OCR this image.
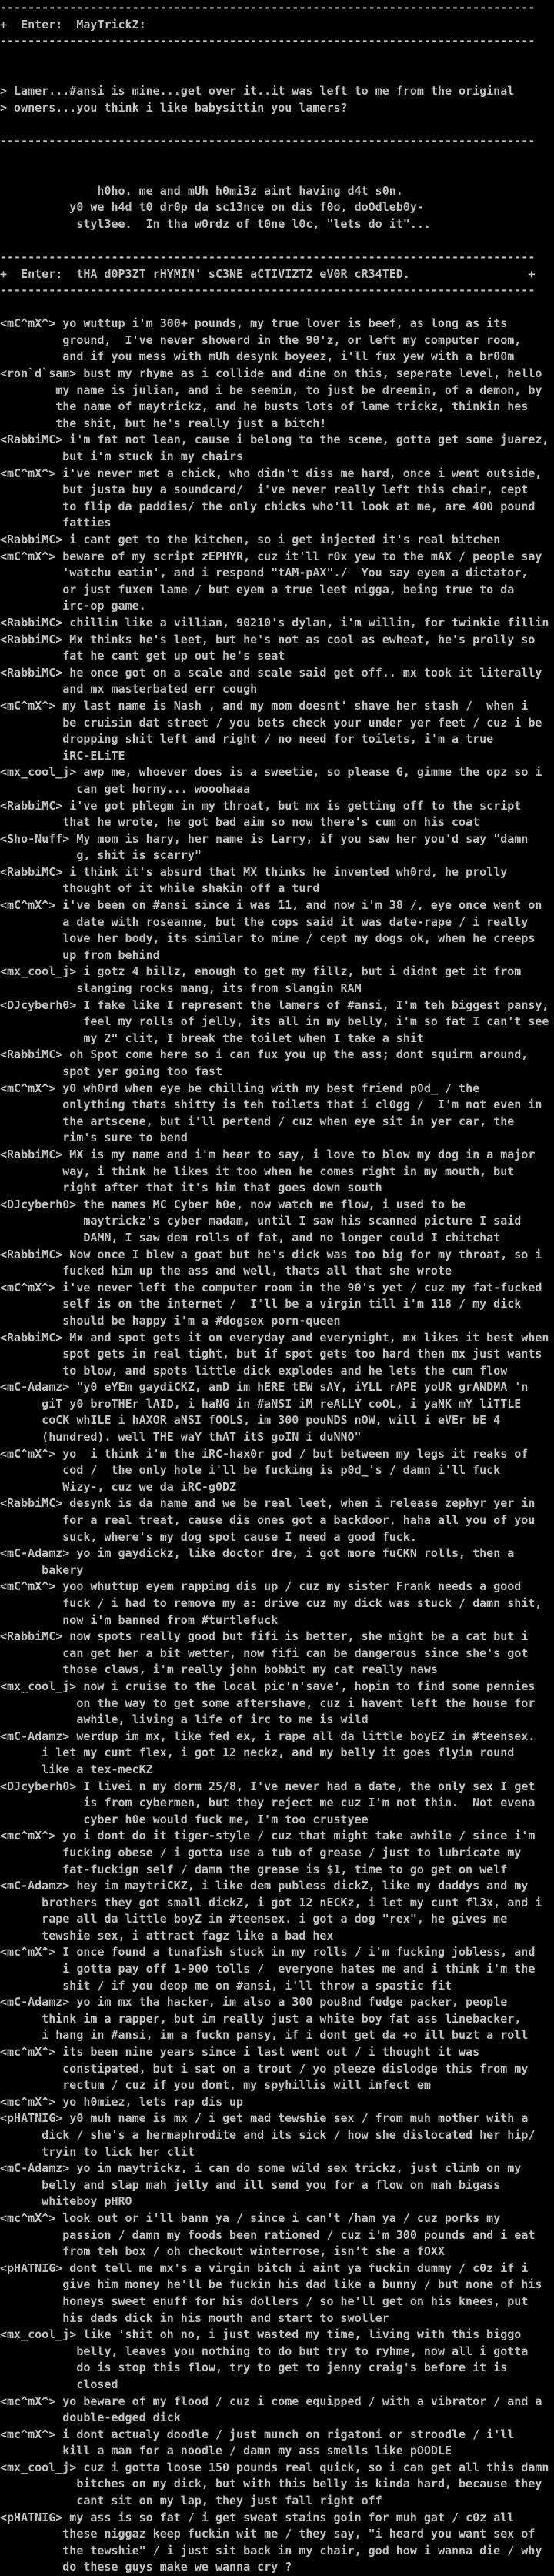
-----------------------------------------------------------------------------
+  Enter:  MayTrickZ:
-----------------------------------------------------------------------------
> Lamer...#ansi is mine...get over it..it was left to me from the original
> owners...you think i like babysittin you lamers?
-----------------------------------------------------------------------------
h0ho. me and mUh h0mi3z aint having d4t s0n.
y0 we h4d t0 dr0p da sc13nce on dis f0o, doOdleb0y-
styl3ee.  In tha w0rdz of t0ne l0c, "lets do it"...
-----------------------------------------------------------------------------
+  Enter:  tHA d0P3ZT rHYMIN' sC3NE aCTIVIZTZ eV0R cR34TED.                 +
-----------------------------------------------------------------------------
<mC^mX^> yo wuttup i'm 300+ pounds, my true lover is beef, as long as its
ground,  I've never showerd in the 90'z, or left my computer room,
and if you mess with mUh desynk boyeez, i'll fux yew with a br00m
<ron`d`sam> bust my rhyme as i collide and dine on this, seperate level, hello
my name is julian, and i be seemin, to just be dreemin, of a demon, by
the name of maytrickz, and he busts lots of lame trickz, thinkin hes
the shit, but he's really just a bitch!
<RabbiMC> i'm fat not lean, cause i belong to the scene, gotta get some juarez,
but i'm stuck in my chairs
<mC^mX^> i've never met a chick, who didn't diss me hard, once i went outside,
but justa buy a soundcard/  i've never really left this chair, cept
to flip da paddies/ the only chicks who'll look at me, are 400 pound
fatties
<RabbiMC> i cant get to the kitchen, so i get injected it's real bitchen
<mC^mX^> beware of my script zEPHYR, cuz it'll r0x yew to the mAX / people say
'watchu eatin', and i respond "tAM-pAX"./  You say eyem a dictator,
or just fuxen lame / but eyem a true leet nigga, being true to da
irc-op game.
<RabbiMC> chillin like a villian, 90210's dylan, i'm willin, for twinkie fillin
<RabbiMC> Mx thinks he's leet, but he's not as cool as ewheat, he's prolly so
fat he cant get up out he's seat
<RabbiMC> he once got on a scale and scale said get off.. mx took it literally
and mx masterbated err cough
<mC^mX^> my last name is Nash , and my mom doesnt' shave her stash /  when i
be cruisin dat street / you bets check your under yer feet / cuz i be
dropping shit left and right / no need for toilets, i'm a true
iRC-ELiTE
<mx_cool_j> awp me, whoever does is a sweetie, so please G, gimme the opz so i
can get horny... wooohaaa
<RabbiMC> i've got phlegm in my throat, but mx is getting off to the script
that he wrote, he got bad aim so now there's cum on his coat
<Sho-Nuff> My mom is hary, her name is Larry, if you saw her you'd say "damn
g, shit is scarry"
<RabbiMC> i think it's absurd that MX thinks he invented wh0rd, he prolly
thought of it while shakin off a turd
<mC^mX^> i've been on #ansi since i was 11, and now i'm 38 /, eye once went on
a date with roseanne, but the cops said it was date-rape / i really
love her body, its similar to mine / cept my dogs ok, when he creeps
up from behind
<mx_cool_j> i gotz 4 billz, enough to get my fillz, but i didnt get it from
slanging rocks mang, its from slangin RAM
<DJcyberh0> I fake like I represent the lamers of #ansi, I'm teh biggest pansy,
feel my rolls of jelly, its all in my belly, i'm so fat I can't see
my 2" clit, I break the toilet when I take a shit
<RabbiMC> oh Spot come here so i can fux you up the ass; dont squirm around,
spot yer going too fast
<mC^mX^> y0 wh0rd when eye be chilling with my best friend p0d_ / the
onlything thats shitty is teh toilets that i cl0gg /  I'm not even in
the artscene, but i'll pertend / cuz when eye sit in yer car, the
rim's sure to bend
<RabbiMC> MX is my name and i'm hear to say, i love to blow my dog in a major
way, i think he likes it too when he comes right in my mouth, but
right after that it's him that goes down south
<DJcyberh0> the names MC Cyber h0e, now watch me flow, i used to be
maytrickz's cyber madam, until I saw his scanned picture I said
DAMN, I saw dem rolls of fat, and no longer could I chitchat
<RabbiMC> Now once I blew a goat but he's dick was too big for my throat, so i
fucked him up the ass and well, thats all that she wrote
<mC^mX^> i've never left the computer room in the 90's yet / cuz my fat-fucked
self is on the internet /  I'll be a virgin till i'm 118 / my dick
should be happy i'm a #dogsex porn-queen
<RabbiMC> Mx and spot gets it on everyday and everynight, mx likes it best when
spot gets in real tight, but if spot gets too hard then mx just wants
to blow, and spots little dick explodes and he lets the cum flow
<mC-Adamz> "y0 eYEm gaydiCKZ, anD im hERE tEW sAY, iYLL rAPE yoUR grANDMA 'n
giT y0 broTHEr lAID, i haNG in #aNSI iM reALLY coOL, i yaNK mY liTTLE
coCK whILE i hAXOR aNSI fOOLS, im 300 pouNDS nOW, will i eVEr bE 4
(hundred). well THE waY thAT itS goIN i duNNO"
<mC^mX^> yo  i think i'm the iRC-hax0r god / but between my legs it reaks of
cod /  the only hole i'll be fucking is p0d_'s / damn i'll fuck
Wizy-, cuz we da iRC-g0DZ
<RabbiMC> desynk is da name and we be real leet, when i release zephyr yer in
for a real treat, cause dis ones got a backdoor, haha all you of you
suck, where's my dog spot cause I need a good fuck.
<mC-Adamz> yo im gaydickz, like doctor dre, i got more fuCKN rolls, then a
bakery
<mC^mX^> yoo whuttup eyem rapping dis up / cuz my sister Frank needs a good
fuck / i had to remove my a: drive cuz my dick was stuck / damn shit,
now i'm banned from #turtlefuck
<RabbiMC> now spots really good but fifi is better, she might be a cat but i
can get her a bit wetter, now fifi can be dangerous since she's got
those claws, i'm really john bobbit my cat really naws
<mx_cool_j> now i cruise to the local pic'n'save', hopin to find some pennies
on the way to get some aftershave, cuz i havent left the house for
awhile, living a life of irc to me is wild
<mC-Adamz> werdup im mx, like fed ex, i rape all da little boyEZ in #teensex.
i let my cunt flex, i got 12 neckz, and my belly it goes flyin round
like a tex-mecKZ
<DJcyberh0> I livei n my dorm 25/8, I've never had a date, the only sex I get
is from cybermen, but they reject me cuz I'm not thin.  Not evena
cyber h0e would fuck me, I'm too crustyee
<mc^mX^> yo i dont do it tiger-style / cuz that might take awhile / since i'm
fucking obese / i gotta use a tub of grease / just to lubricate my
fat-fuckign self / damn the grease is $1, time to go get on welf
<mC-Adamz> hey im maytriCKZ, i like dem publess dickZ, like my daddys and my
brothers they got small dickZ, i got 12 nECKz, i let my cunt fl3x, and i
rape all da little boyZ in #teensex. i got a dog "rex", he gives me
tewshie sex, i attract fagz like a bad hex
<mc^mX^> I once found a tunafish stuck in my rolls / i'm fucking jobless, and
i gotta pay off 1-900 tolls /  everyone hates me and i think i'm the
shit / if you deop me on #ansi, i'll throw a spastic fit
<mC-Adamz> yo im mx tha hacker, im also a 300 pou8nd fudge packer, people
think im a rapper, but im really just a white boy fat ass linebacker,
i hang in #ansi, im a fuckn pansy, if i dont get da +o ill buzt a roll
<mc^mX^> its been nine years since i last went out / i thought it was
constipated, but i sat on a trout / yo pleeze dislodge this from my
rectum / cuz if you dont, my spyhillis will infect em
<mc^mX^> yo h0miez, lets rap dis up
<pHATNIG> y0 muh name is mx / i get mad tewshie sex / from muh mother with a
dick / she's a hermaphrodite and its sick / how she dislocated her hip/
tryin to lick her clit
<mC-Adamz> yo im maytrickz, i can do some wild sex trickz, just climb on my
belly and slap mah jelly and ill send you for a flow on mah bigass
whiteboy pHRO
<mc^mX^> look out or i'll bann ya / since i can't /ham ya / cuz porks my
passion / damn my foods been rationed / cuz i'm 300 pounds and i eat
from teh box / oh checkout winterrose, isn't she a fOXX
<pHATNIG> dont tell me mx's a virgin bitch i aint ya fuckin dummy / c0z if i
give him money he'll be fuckin his dad like a bunny / but none of his
honeys sweet enuff for his dollers / so he'll get on his knees, put
his dads dick in his mouth and start to swoller
<mx_cool_j> like 'shit oh no, i just wasted my time, living with this biggo
belly, leaves you nothing to do but try to ryhme, now all i gotta
do is stop this flow, try to get to jenny craig's before it is
closed
<mc^mX^> yo beware of my flood / cuz i come equipped / with a vibrator / and a
double-edged dick
<mc^mX^> i dont actualy doodle / just munch on rigatoni or stroodle / i'll
kill a man for a noodle / damn my ass smells like pOODLE
<mx_cool_j> cuz i gotta loose 150 pounds real quick, so i can get all this damn
bitches on my dick, but with this belly is kinda hard, because they
cant sit on my lap, they just fall right off
<pHATNIG> my ass is so fat / i get sweat stains goin for muh gat / c0z all
these niggaz keep fuckin wit me / they say, "i heard you want sex of
the tewshie" / i just sit back in my chair, god how i wanna die / why
do these guys make we wanna cry ?
